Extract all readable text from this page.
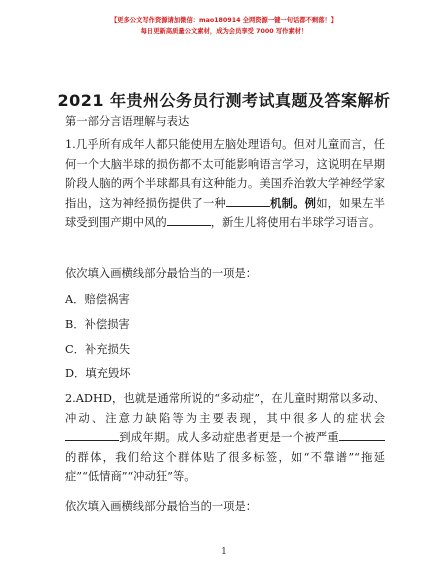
【更多公文写作资源请加微信：mao180914 全网资源一键一句话都不剩落！】
每日更新高质量公文素材，成为会员享受 7000 写作素材！
2021 年贵州公务员行测考试真题及答案解析
第一部分言语理解与表达
1.几乎所有成年人都只能使用左脑处理语句。但对儿童而言，任何一个大脑半球的损伤都不太可能影响语言学习，这说明在早期阶段人脑的两个半球都具有这种能力。美国乔治敦大学神经学家指出，这为神经损伤提供了一种	机制。例如，如果左半球受到围产期中风的	，新生儿将使用右半球学习语言。
依次填入画横线部分最恰当的一项是：
A．赔偿祸害
B．补偿损害
C．补充损失
D．填充毁坏
2.ADHD，也就是通常所说的“多动症”，在儿童时期常以多动、冲动、注意力缺陷等为主要表现，其中很多人的症状会到成年期。成人多动症患者更是一个被严重的群体，我们给这个群体贴了很多标签，如“不靠谱”“拖延症”“低情商”“冲动狂”等。
依次填入画横线部分最恰当的一项是：
1
